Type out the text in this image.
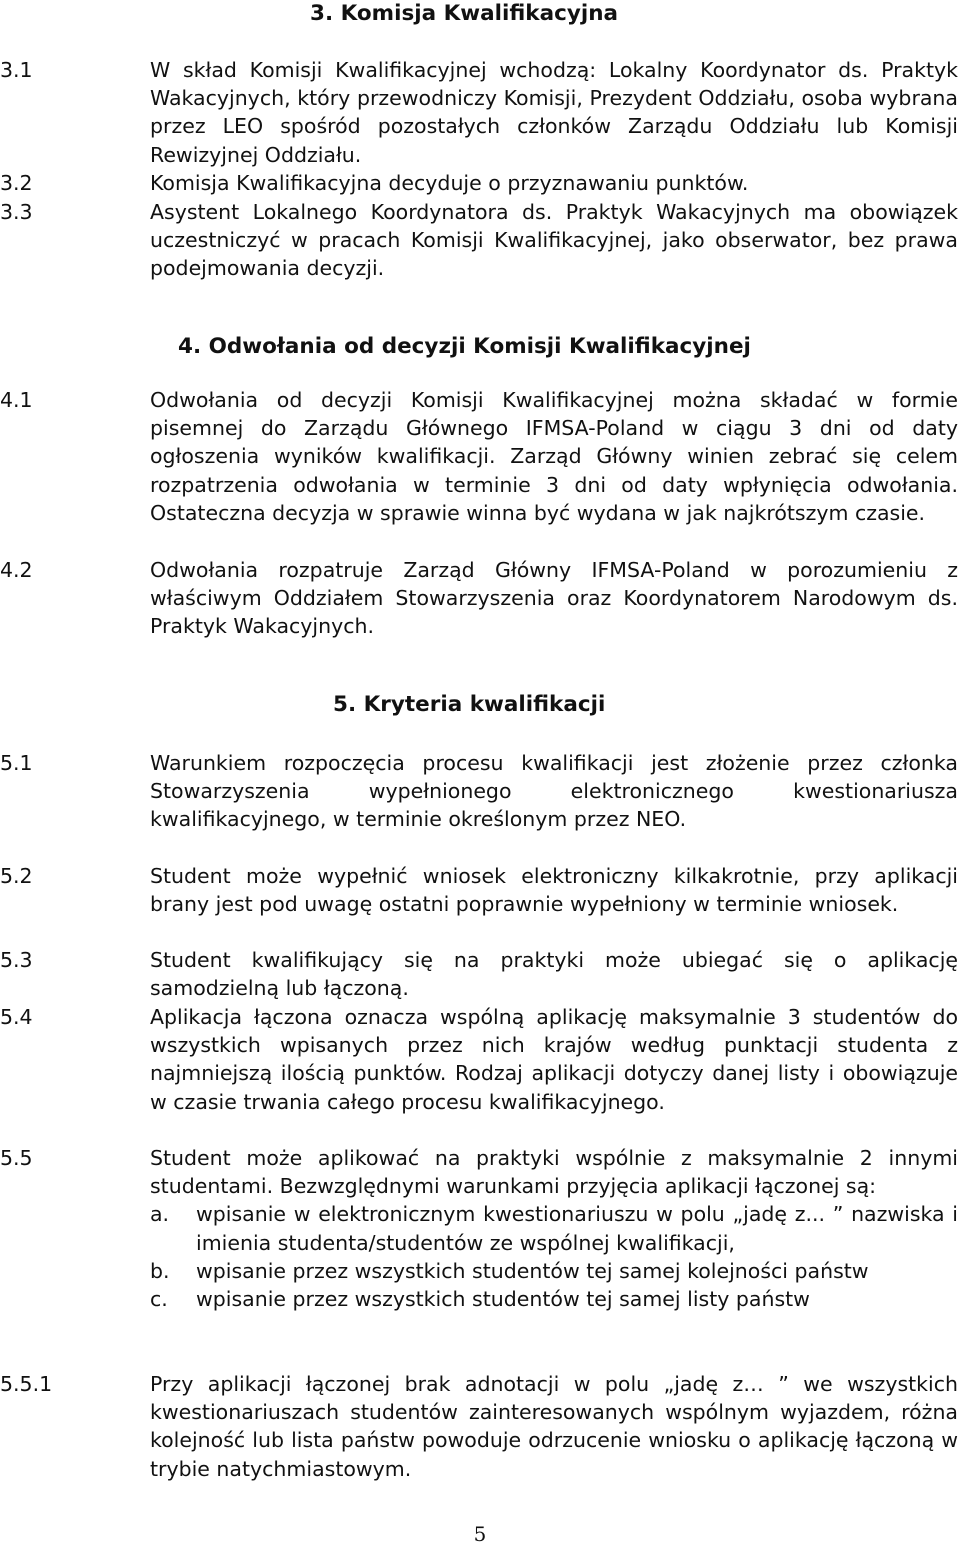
3. Komisja Kwalifikacyjna
3.1	W skład Komisji Kwalifikacyjnej wchodzą: Lokalny Koordynator ds. Praktyk Wakacyjnych, który przewodniczy Komisji, Prezydent Oddziału, osoba wybrana przez LEO spośród pozostałych członków Zarządu Oddziału lub Komisji Rewizyjnej Oddziału.
3.2	Komisja Kwalifikacyjna decyduje o przyznawaniu punktów.
3.3	Asystent Lokalnego Koordynatora ds. Praktyk Wakacyjnych ma obowiązek uczestniczyć w pracach Komisji Kwalifikacyjnej, jako obserwator, bez prawa podejmowania decyzji.
4. Odwołania od decyzji Komisji Kwalifikacyjnej
4.1	Odwołania od decyzji Komisji Kwalifikacyjnej można składać w formie pisemnej do Zarządu Głównego IFMSA-Poland w ciągu 3 dni od daty ogłoszenia wyników kwalifikacji. Zarząd Główny winien zebrać się celem rozpatrzenia odwołania w terminie 3 dni od daty wpłynięcia odwołania. Ostateczna decyzja w sprawie winna być wydana w jak najkrótszym czasie.
4.2	Odwołania rozpatruje Zarząd Główny IFMSA-Poland w porozumieniu z właściwym Oddziałem Stowarzyszenia oraz Koordynatorem Narodowym ds. Praktyk Wakacyjnych.
5. Kryteria kwalifikacji
5.1	Warunkiem rozpoczęcia procesu kwalifikacji jest złożenie przez członka Stowarzyszenia wypełnionego elektronicznego kwestionariusza kwalifikacyjnego, w terminie określonym przez NEO.
5.2	Student może wypełnić wniosek elektroniczny kilkakrotnie, przy aplikacji brany jest pod uwagę ostatni poprawnie wypełniony w terminie wniosek.
5.3	Student kwalifikujący się na praktyki może ubiegać się o aplikację samodzielną lub łączoną.
5.4	Aplikacja łączona oznacza wspólną aplikację maksymalnie 3 studentów do wszystkich wpisanych przez nich krajów według punktacji studenta z najmniejszą ilością punktów. Rodzaj aplikacji dotyczy danej listy i obowiązuje w czasie trwania całego procesu kwalifikacyjnego.
5.5	Student może aplikować na praktyki wspólnie z maksymalnie 2 innymi studentami. Bezwzględnymi warunkami przyjęcia aplikacji łączonej są:
a. wpisanie w elektronicznym kwestionariuszu w polu „jadę z... ” nazwiska i imienia studenta/studentów ze wspólnej kwalifikacji,
b. wpisanie przez wszystkich studentów tej samej kolejności państw
c. wpisanie przez wszystkich studentów tej samej listy państw
5.5.1	Przy aplikacji łączonej brak adnotacji w polu „jadę z… ” we wszystkich kwestionariuszach studentów zainteresowanych wspólnym wyjazdem, różna kolejność lub lista państw powoduje odrzucenie wniosku o aplikację łączoną w trybie natychmiastowym.
5
